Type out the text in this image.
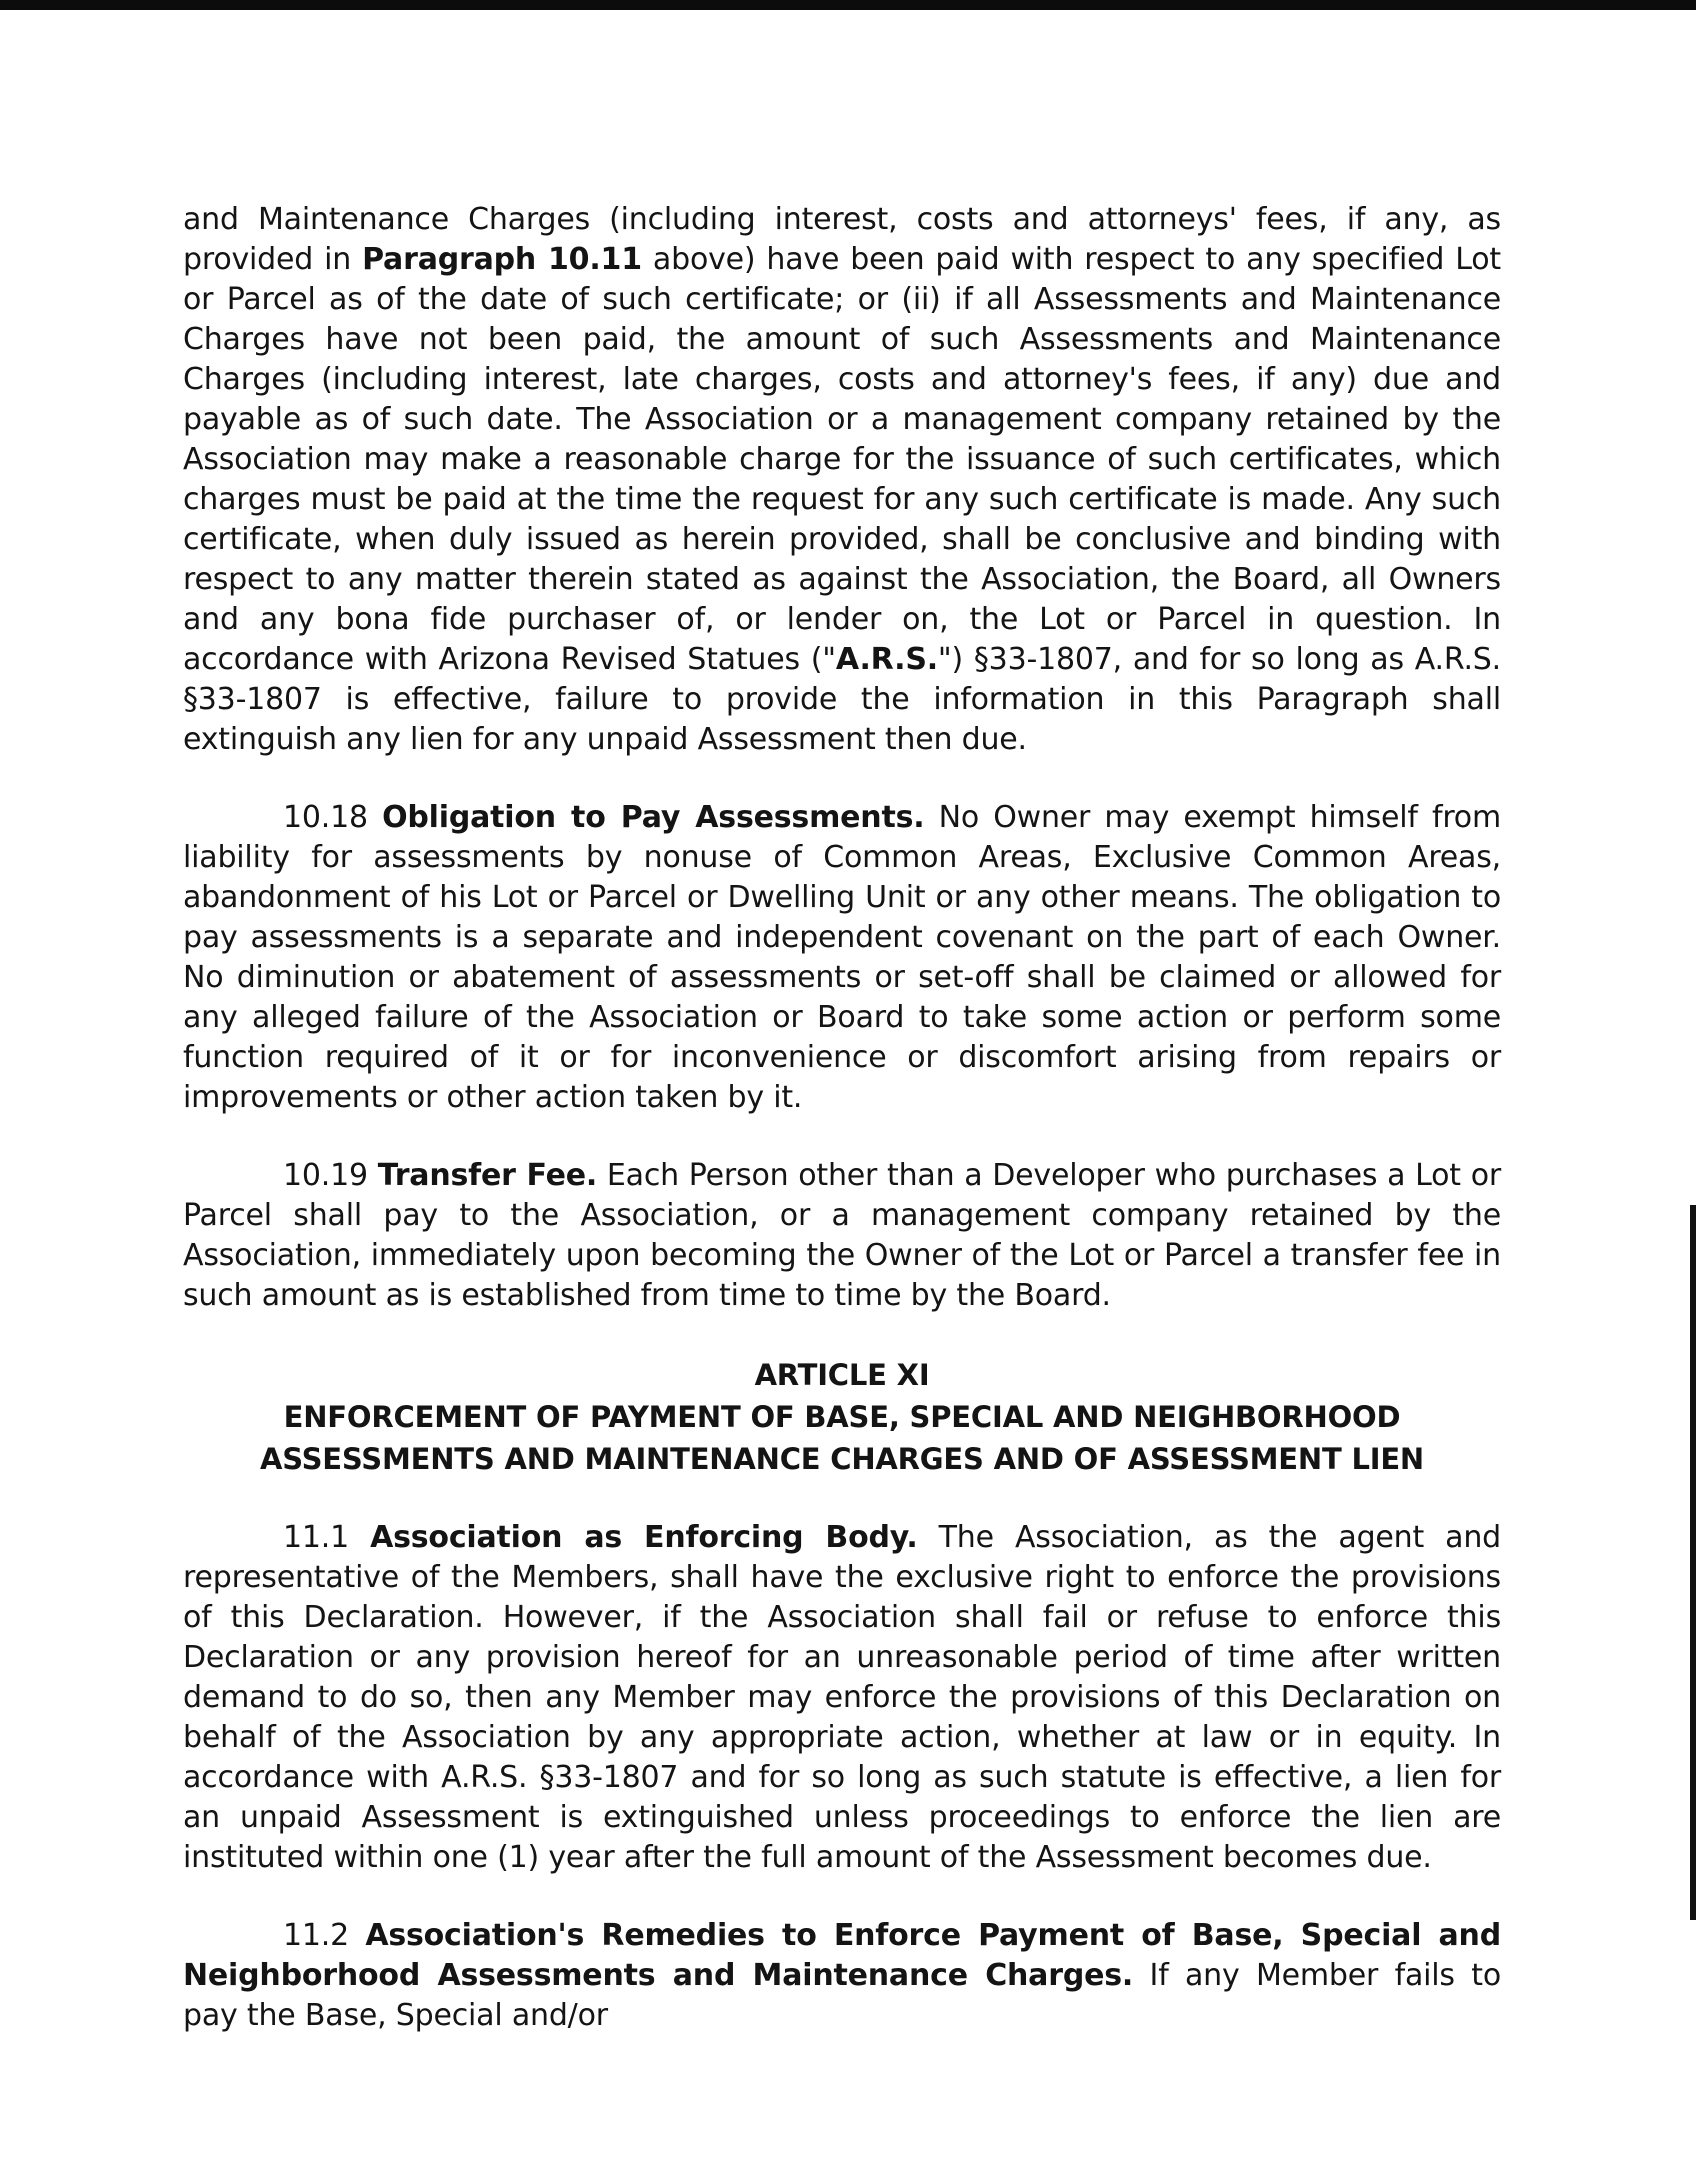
and Maintenance Charges (including interest, costs and attorneys' fees, if any, as provided in Paragraph 10.11 above) have been paid with respect to any specified Lot or Parcel as of the date of such certificate; or (ii) if all Assessments and Maintenance Charges have not been paid, the amount of such Assessments and Maintenance Charges (including interest, late charges, costs and attorney's fees, if any) due and payable as of such date. The Association or a management company retained by the Association may make a reasonable charge for the issuance of such certificates, which charges must be paid at the time the request for any such certificate is made. Any such certificate, when duly issued as herein provided, shall be conclusive and binding with respect to any matter therein stated as against the Association, the Board, all Owners and any bona fide purchaser of, or lender on, the Lot or Parcel in question. In accordance with Arizona Revised Statues ("A.R.S.") §33-1807, and for so long as A.R.S. §33-1807 is effective, failure to provide the information in this Paragraph shall extinguish any lien for any unpaid Assessment then due.

10.18 Obligation to Pay Assessments. No Owner may exempt himself from liability for assessments by nonuse of Common Areas, Exclusive Common Areas, abandonment of his Lot or Parcel or Dwelling Unit or any other means. The obligation to pay assessments is a separate and independent covenant on the part of each Owner. No diminution or abatement of assessments or set-off shall be claimed or allowed for any alleged failure of the Association or Board to take some action or perform some function required of it or for inconvenience or discomfort arising from repairs or improvements or other action taken by it.

10.19 Transfer Fee. Each Person other than a Developer who purchases a Lot or Parcel shall pay to the Association, or a management company retained by the Association, immediately upon becoming the Owner of the Lot or Parcel a transfer fee in such amount as is established from time to time by the Board.

ARTICLE XI
ENFORCEMENT OF PAYMENT OF BASE, SPECIAL AND NEIGHBORHOOD
ASSESSMENTS AND MAINTENANCE CHARGES AND OF ASSESSMENT LIEN

11.1 Association as Enforcing Body. The Association, as the agent and representative of the Members, shall have the exclusive right to enforce the provisions of this Declaration. However, if the Association shall fail or refuse to enforce this Declaration or any provision hereof for an unreasonable period of time after written demand to do so, then any Member may enforce the provisions of this Declaration on behalf of the Association by any appropriate action, whether at law or in equity. In accordance with A.R.S. §33-1807 and for so long as such statute is effective, a lien for an unpaid Assessment is extinguished unless proceedings to enforce the lien are instituted within one (1) year after the full amount of the Assessment becomes due.

11.2 Association's Remedies to Enforce Payment of Base, Special and Neighborhood Assessments and Maintenance Charges. If any Member fails to pay the Base, Special and/or
